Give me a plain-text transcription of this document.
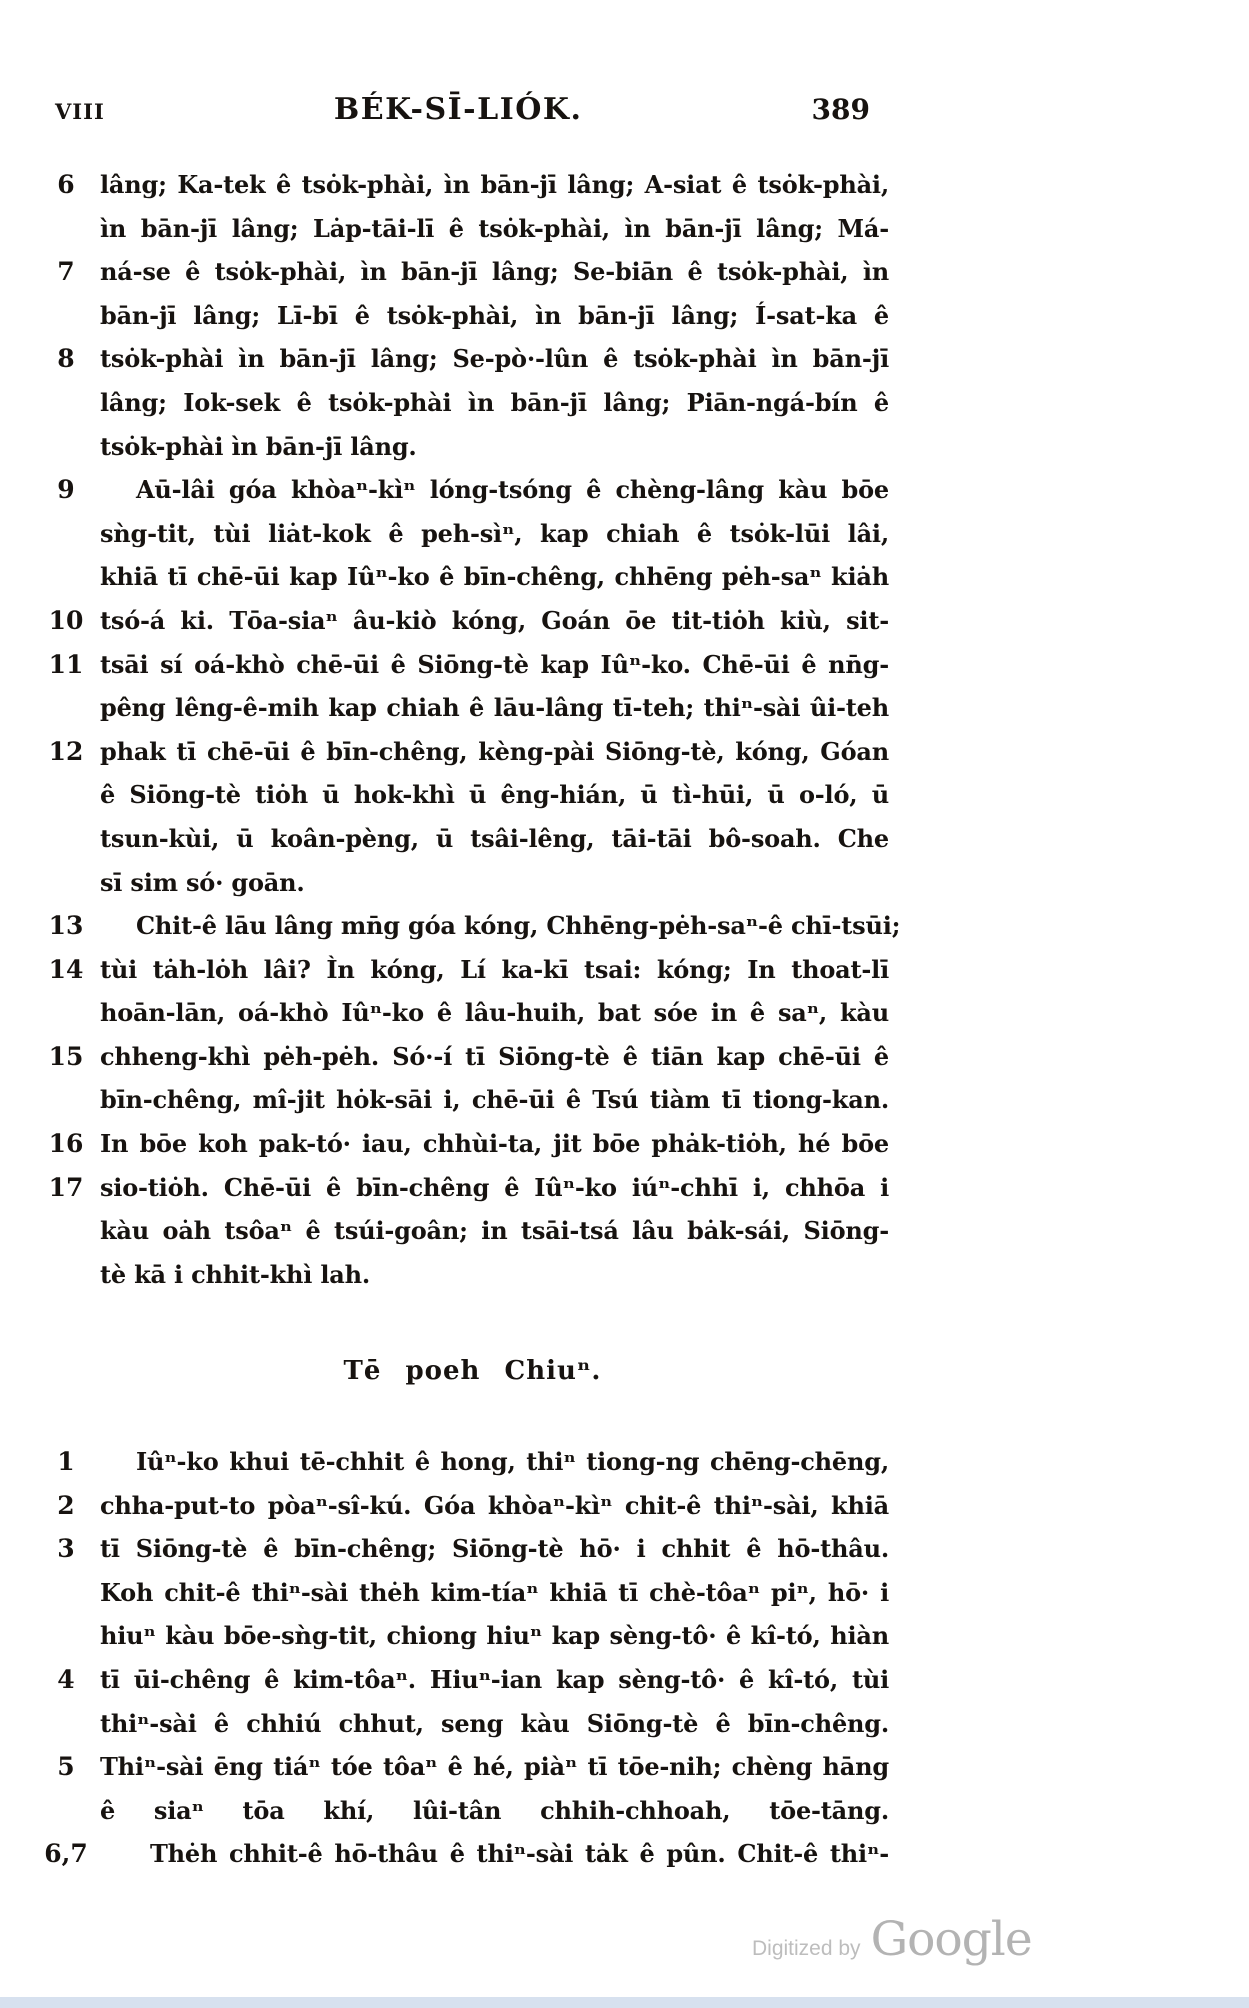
VIII	BÉK-SĪ-LIÓK.	389
6	lâng; Ka-tek ê tsȯk-phài, ìn bān-jī lâng; A-siat ê tsȯk-phài,
ìn bān-jī lâng; Lȧp-tāi-lī ê tsȯk-phài, ìn bān-jī lâng; Má-
7	ná-se ê tsȯk-phài, ìn bān-jī lâng; Se-biān ê tsȯk-phài, ìn
bān-jī lâng; Lī-bī ê tsȯk-phài, ìn bān-jī lâng; Í-sat-ka ê
8	tsȯk-phài ìn bān-jī lâng; Se-pò·-lûn ê tsȯk-phài ìn bān-jī
lâng; Iok-sek ê tsȯk-phài ìn bān-jī lâng; Piān-ngá-bín ê
tsȯk-phài ìn bān-jī lâng.
9	Aū-lâi góa khòaⁿ-kìⁿ lóng-tsóng ê chèng-lâng kàu bōe
sǹg-tit, tùi liȧt-kok ê peh-sìⁿ, kap chiah ê tsȯk-lūi lâi,
khiā tī chē-ūi kap Iûⁿ-ko ê bīn-chêng, chhēng pėh-saⁿ kiȧh
10 tsó-á ki. Tōa-siaⁿ âu-kiò kóng, Goán ōe tit-tiȯh kiù, sit-
11 tsāi sí oá-khò chē-ūi ê Siōng-tè kap Iûⁿ-ko. Chē-ūi ê nn̄g-
pêng lêng-ê-mih kap chiah ê lāu-lâng tī-teh; thiⁿ-sài ûi-teh
12 phak tī chē-ūi ê bīn-chêng, kèng-pài Siōng-tè, kóng, Góan
ê Siōng-tè tiȯh ū hok-khì ū êng-hián, ū tì-hūi, ū o-ló, ū
tsun-kùi, ū koân-pèng, ū tsâi-lêng, tāi-tāi bô-soah. Che
sī sim só· goān.
13	Chit-ê lāu lâng mn̄g góa kóng, Chhēng-pėh-saⁿ-ê chī-tsūi;
14 tùi tȧh-lȯh lâi? Ìn kóng, Lí ka-kī tsai: kóng; In thoat-lī
hoān-lān, oá-khò Iûⁿ-ko ê lâu-huih, bat sóe in ê saⁿ, kàu
15 chheng-khì pėh-pėh. Só·-í tī Siōng-tè ê tiān kap chē-ūi ê
bīn-chêng, mî-jit hȯk-sāi i, chē-ūi ê Tsú tiàm tī tiong-kan.
16 In bōe koh pak-tó· iau, chhùi-ta, jit bōe phȧk-tiȯh, hé bōe
17 sio-tiȯh. Chē-ūi ê bīn-chêng ê Iûⁿ-ko iúⁿ-chhī i, chhōa i
kàu oȧh tsôaⁿ ê tsúi-goân; in tsāi-tsá lâu bȧk-sái, Siōng-
tè kā i chhit-khì lah.
Tē poeh Chiuⁿ.
1	Iûⁿ-ko khui tē-chhit ê hong, thiⁿ tiong-ng chēng-chēng,
2	chha-put-to pòaⁿ-sî-kú. Góa khòaⁿ-kìⁿ chit-ê thiⁿ-sài, khiā
3	tī Siōng-tè ê bīn-chêng; Siōng-tè hō· i chhit ê hō-thâu.
Koh chit-ê thiⁿ-sài thėh kim-tíaⁿ khiā tī chè-tôaⁿ piⁿ, hō· i
hiuⁿ kàu bōe-sǹg-tit, chiong hiuⁿ kap sèng-tô· ê kî-tó, hiàn
4	tī ūi-chêng ê kim-tôaⁿ. Hiuⁿ-ian kap sèng-tô· ê kî-tó, tùi
thiⁿ-sài ê chhiú chhut, seng kàu Siōng-tè ê bīn-chêng.
5	Thiⁿ-sài ēng tiáⁿ tóe tôaⁿ ê hé, piàⁿ tī tōe-nih; chèng hāng
ê siaⁿ tōa khí, lûi-tân chhih-chhoah, tōe-tāng.
6,7	Thėh chhit-ê hō-thâu ê thiⁿ-sài tȧk ê pûn. Chit-ê thiⁿ-
Digitized by Google
